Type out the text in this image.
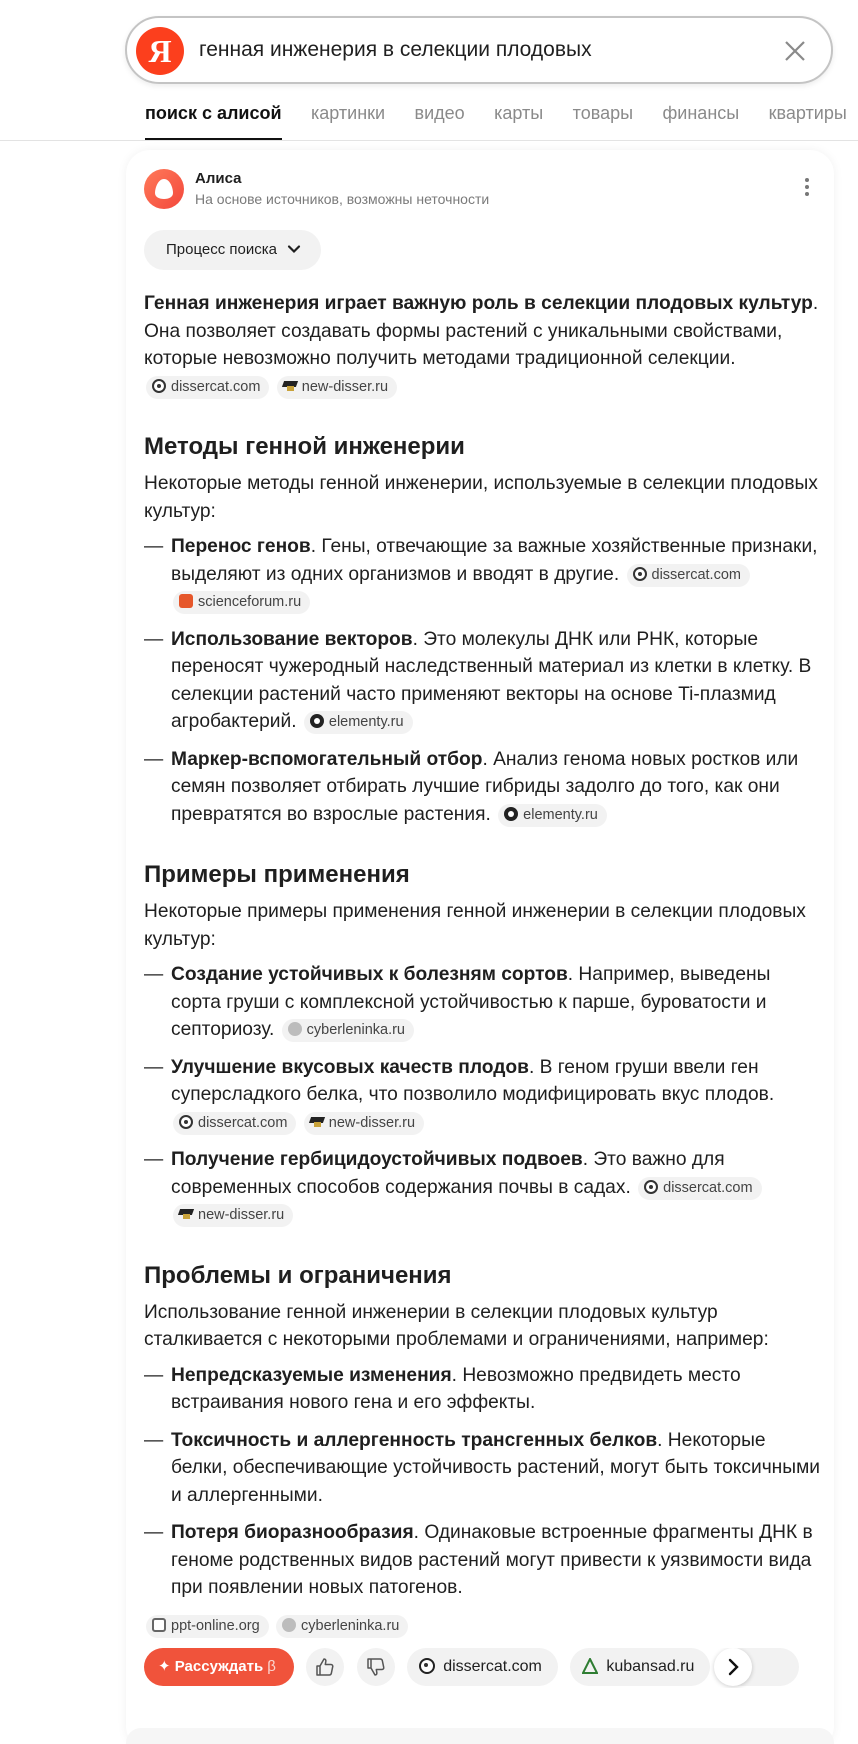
Я	генная инженерия в селекции плодовых
поиск с алисой картинки видео карты товары финансы квартиры
Алиса
На основе источников, возможны неточности
Процесс поиска

Генная инженерия играет важную роль в селекции плодовых культур. Она позволяет создавать формы растений с уникальными свойствами, которые невозможно получить методами традиционной селекции. dissercat.com	new-disser.ru

Методы генной инженерии

Некоторые методы генной инженерии, используемые в селекции плодовых культур:

— Перенос генов. Гены, отвечающие за важные хозяйственные признаки, выделяют из одних организмов и вводят в другие. dissercat.com scienceforum.ru
— Использование векторов. Это молекулы ДНК или РНК, которые переносят чужеродный наследственный материал из клетки в клетку. В селекции растений часто применяют векторы на основе Ti-плазмид агробактерий. elementy.ru
— Маркер-вспомогательный отбор. Анализ генома новых ростков или семян позволяет отбирать лучшие гибриды задолго до того, как они превратятся во взрослые растения. elementy.ru
Примеры применения

Некоторые примеры применения генной инженерии в селекции плодовых культур:

— Создание устойчивых к болезням сортов. Например, выведены сорта груши с комплексной устойчивостью к парше, буроватости и септориозу. cyberleninka.ru
— Улучшение вкусовых качеств плодов. В геном груши ввели ген суперсладкого белка, что позволило модифицировать вкус плодов. dissercat.com	new-disser.ru
— Получение гербицидоустойчивых подвоев. Это важно для современных способов содержания почвы в садах. dissercat.com new-disser.ru
Проблемы и ограничения

Использование генной инженерии в селекции плодовых культур сталкивается с некоторыми проблемами и ограничениями, например:

— Непредсказуемые изменения. Невозможно предвидеть место встраивания нового гена и его эффекты.
— Токсичность и аллергенность трансгенных белков. Некоторые белки, обеспечивающие устойчивость растений, могут быть токсичными и аллергенными.
— Потеря биоразнообразия. Одинаковые встроенные фрагменты ДНК в геноме родственных видов растений могут привести к уязвимости вида при появлении новых патогенов.
ppt-online.org	cyberleninka.ru
✦ Рассуждать β
	dissercat.com	kubansad.ru
